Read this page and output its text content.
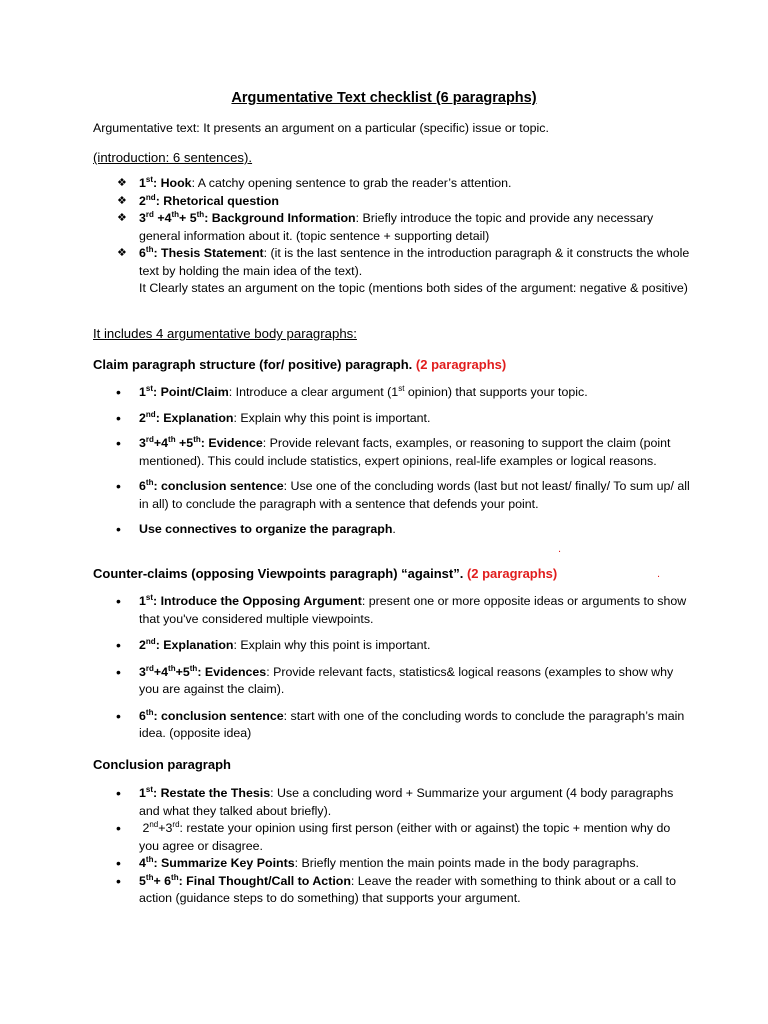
Argumentative Text checklist (6 paragraphs)
Argumentative text: It presents an argument on a particular (specific) issue or topic.
(introduction: 6 sentences).
❖ 1st: Hook: A catchy opening sentence to grab the reader’s attention.
❖ 2nd: Rhetorical question
❖ 3rd +4th+ 5th: Background Information: Briefly introduce the topic and provide any necessary general information about it. (topic sentence + supporting detail)
❖ 6th: Thesis Statement: (it is the last sentence in the introduction paragraph & it constructs the whole text by holding the main idea of the text).
It Clearly states an argument on the topic (mentions both sides of the argument: negative & positive)
It includes 4 argumentative body paragraphs:
Claim paragraph structure (for/ positive) paragraph. (2 paragraphs)
• 1st: Point/Claim: Introduce a clear argument (1st opinion) that supports your topic.
• 2nd: Explanation: Explain why this point is important.
• 3rd+4th +5th: Evidence: Provide relevant facts, examples, or reasoning to support the claim (point mentioned). This could include statistics, expert opinions, real-life examples or logical reasons.
• 6th: conclusion sentence: Use one of the concluding words (last but not least/ finally/ To sum up/ all in all) to conclude the paragraph with a sentence that defends your point.
• Use connectives to organize the paragraph.
.
Counter-claims (opposing Viewpoints paragraph) “against”. (2 paragraphs)	.
• 1st: Introduce the Opposing Argument: present one or more opposite ideas or arguments to show that you've considered multiple viewpoints.
• 2nd: Explanation: Explain why this point is important.
• 3rd+4th+5th: Evidences: Provide relevant facts, statistics& logical reasons (examples to show why you are against the claim).
• 6th: conclusion sentence: start with one of the concluding words to conclude the paragraph’s main idea. (opposite idea)
Conclusion paragraph
• 1st: Restate the Thesis: Use a concluding word + Summarize your argument (4 body paragraphs and what they talked about briefly).
• 2nd+3rd: restate your opinion using first person (either with or against) the topic + mention why do you agree or disagree.
• 4th: Summarize Key Points: Briefly mention the main points made in the body paragraphs.
• 5th+ 6th: Final Thought/Call to Action: Leave the reader with something to think about or a call to action (guidance steps to do something) that supports your argument.
